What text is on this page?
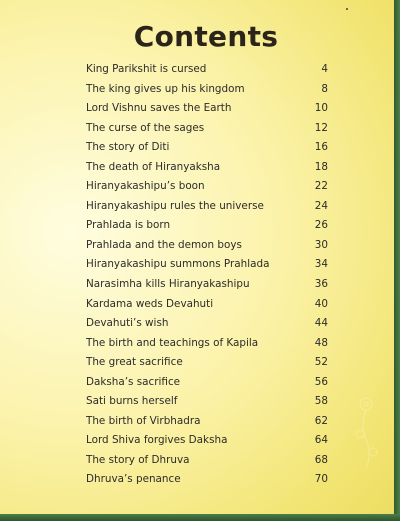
Contents
King Parikshit is cursed	4
The king gives up his kingdom	8
Lord Vishnu saves the Earth	10
The curse of the sages	12
The story of Diti	16
The death of Hiranyaksha	18
Hiranyakashipu’s boon	22
Hiranyakashipu rules the universe	24
Prahlada is born	26
Prahlada and the demon boys	30
Hiranyakashipu summons Prahlada	34
Narasimha kills Hiranyakashipu	36
Kardama weds Devahuti	40
Devahuti’s wish	44
The birth and teachings of Kapila	48
The great sacrifice	52
Daksha’s sacrifice	56
Sati burns herself	58
The birth of Virbhadra	62
Lord Shiva forgives Daksha	64
The story of Dhruva	68
Dhruva’s penance	70
